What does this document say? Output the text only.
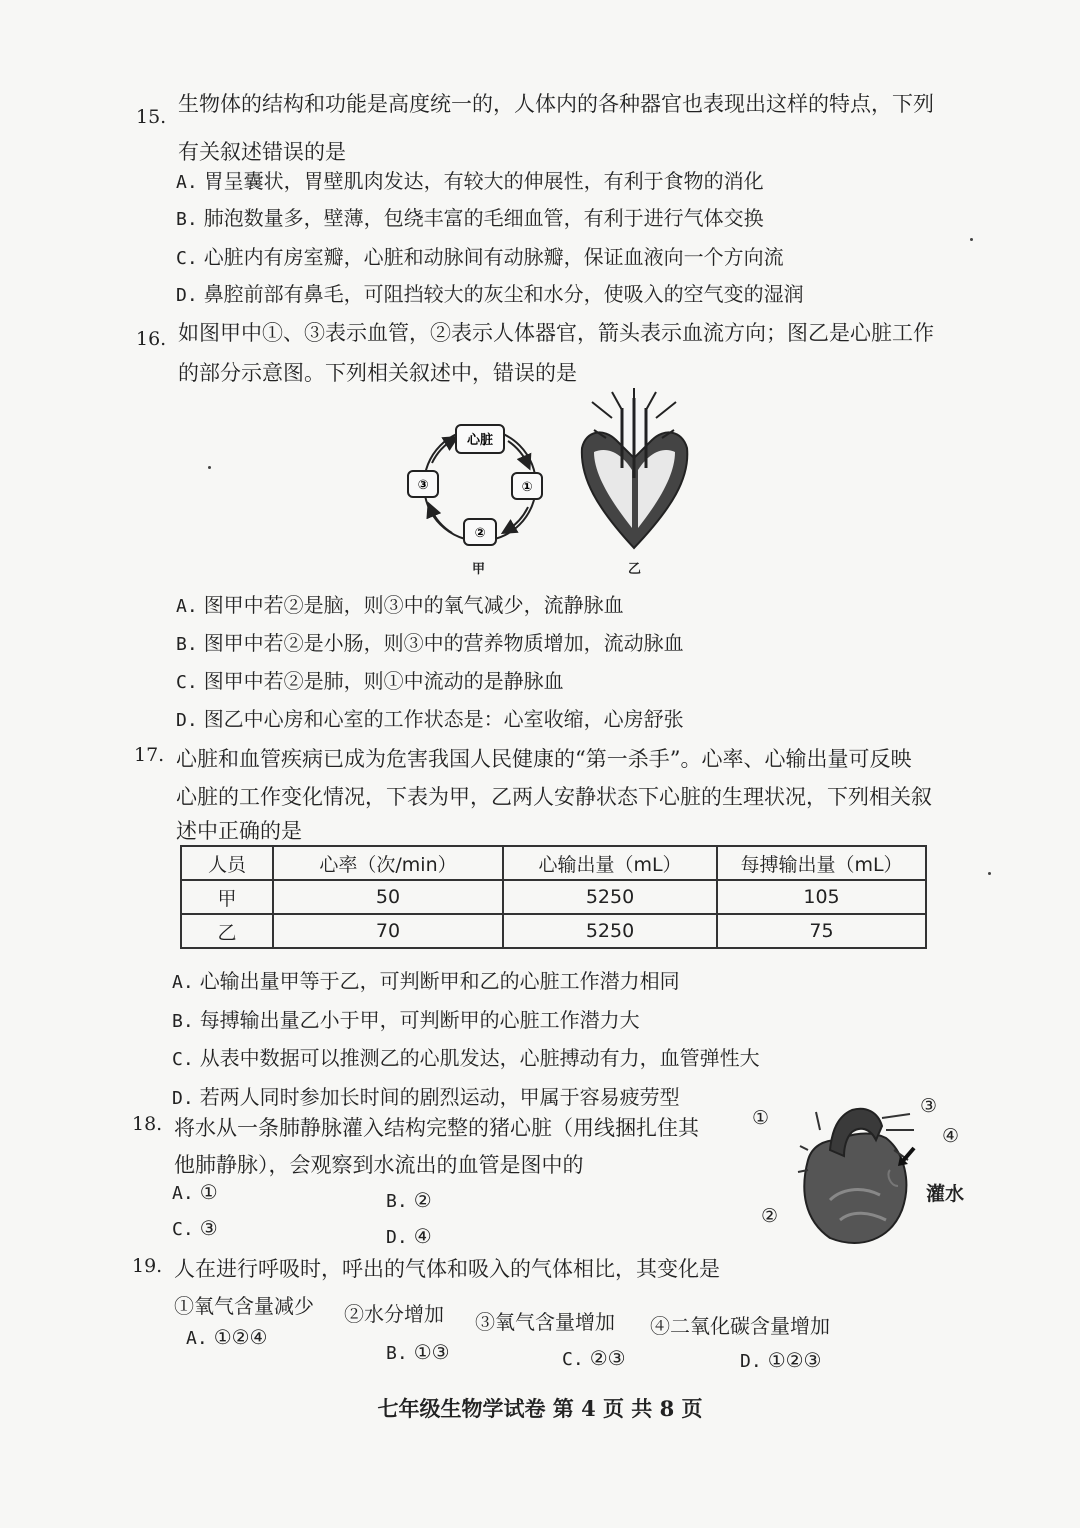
15.
生物体的结构和功能是高度统一的，人体内的各种器官也表现出这样的特点，下列
有关叙述错误的是
A. 胃呈囊状，胃壁肌肉发达，有较大的伸展性，有利于食物的消化
B. 肺泡数量多，壁薄，包绕丰富的毛细血管，有利于进行气体交换
C. 心脏内有房室瓣，心脏和动脉间有动脉瓣，保证血液向一个方向流
D. 鼻腔前部有鼻毛，可阻挡较大的灰尘和水分，使吸入的空气变的湿润
16. 如图甲中①、③表示血管，②表示人体器官，箭头表示血流方向；图乙是心脏工作
的部分示意图。下列相关叙述中，错误的是
心脏
①
②
③
甲	乙
A. 图甲中若②是脑，则③中的氧气减少，流静脉血
B. 图甲中若②是小肠，则③中的营养物质增加，流动脉血
C. 图甲中若②是肺，则①中流动的是静脉血
D. 图乙中心房和心室的工作状态是：心室收缩，心房舒张
17. 心脏和血管疾病已成为危害我国人民健康的“第一杀手”。心率、心输出量可反映
心脏的工作变化情况，下表为甲，乙两人安静状态下心脏的生理状况，下列相关叙
述中正确的是
人员	心率（次/min）	心输出量（mL）	每搏输出量（mL）
甲	50	5250	105
乙	70	5250	75
A. 心输出量甲等于乙，可判断甲和乙的心脏工作潜力相同
B. 每搏输出量乙小于甲，可判断甲的心脏工作潜力大
C. 从表中数据可以推测乙的心肌发达，心脏搏动有力，血管弹性大
D. 若两人同时参加长时间的剧烈运动，甲属于容易疲劳型
18. 将水从一条肺静脉灌入结构完整的猪心脏（用线捆扎住其
他肺静脉），会观察到水流出的血管是图中的
A. ①	B. ②
C. ③	D. ④
①
②
③
④
灌水
19. 人在进行呼吸时，呼出的气体和吸入的气体相比，其变化是
①氧气含量减少 ②水分增加 ③氧气含量增加 ④二氧化碳含量增加
A. ①②④
B. ①③	C. ②③	D. ①②③
七年级生物学试卷 第 4 页 共 8 页
